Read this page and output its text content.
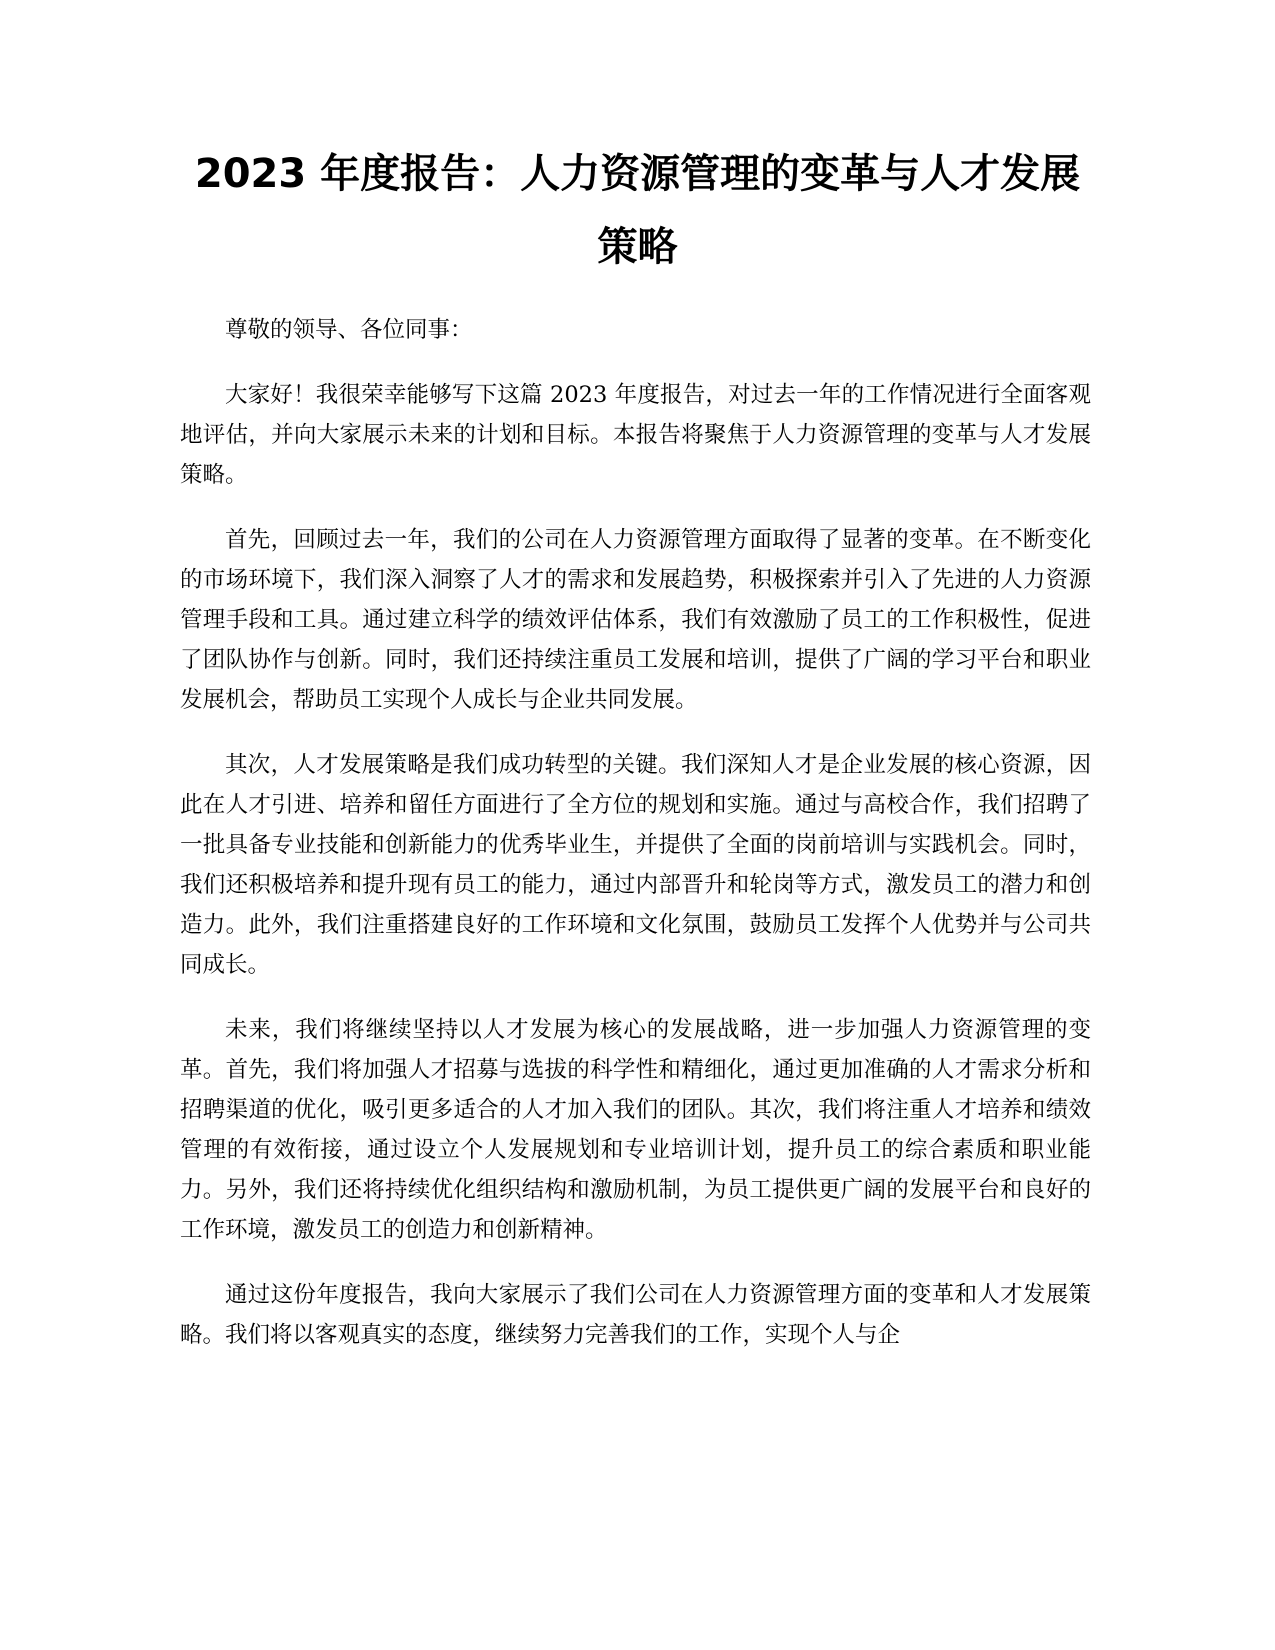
2023 年度报告：人力资源管理的变革与人才发展策略

尊敬的领导、各位同事：

大家好！我很荣幸能够写下这篇 2023 年度报告，对过去一年的工作情况进行全面客观地评估，并向大家展示未来的计划和目标。本报告将聚焦于人力资源管理的变革与人才发展策略。

首先，回顾过去一年，我们的公司在人力资源管理方面取得了显著的变革。在不断变化的市场环境下，我们深入洞察了人才的需求和发展趋势，积极探索并引入了先进的人力资源管理手段和工具。通过建立科学的绩效评估体系，我们有效激励了员工的工作积极性，促进了团队协作与创新。同时，我们还持续注重员工发展和培训，提供了广阔的学习平台和职业发展机会，帮助员工实现个人成长与企业共同发展。

其次，人才发展策略是我们成功转型的关键。我们深知人才是企业发展的核心资源，因此在人才引进、培养和留任方面进行了全方位的规划和实施。通过与高校合作，我们招聘了一批具备专业技能和创新能力的优秀毕业生，并提供了全面的岗前培训与实践机会。同时，我们还积极培养和提升现有员工的能力，通过内部晋升和轮岗等方式，激发员工的潜力和创造力。此外，我们注重搭建良好的工作环境和文化氛围，鼓励员工发挥个人优势并与公司共同成长。

未来，我们将继续坚持以人才发展为核心的发展战略，进一步加强人力资源管理的变革。首先，我们将加强人才招募与选拔的科学性和精细化，通过更加准确的人才需求分析和招聘渠道的优化，吸引更多适合的人才加入我们的团队。其次，我们将注重人才培养和绩效管理的有效衔接，通过设立个人发展规划和专业培训计划，提升员工的综合素质和职业能力。另外，我们还将持续优化组织结构和激励机制，为员工提供更广阔的发展平台和良好的工作环境，激发员工的创造力和创新精神。

通过这份年度报告，我向大家展示了我们公司在人力资源管理方面的变革和人才发展策略。我们将以客观真实的态度，继续努力完善我们的工作，实现个人与企
